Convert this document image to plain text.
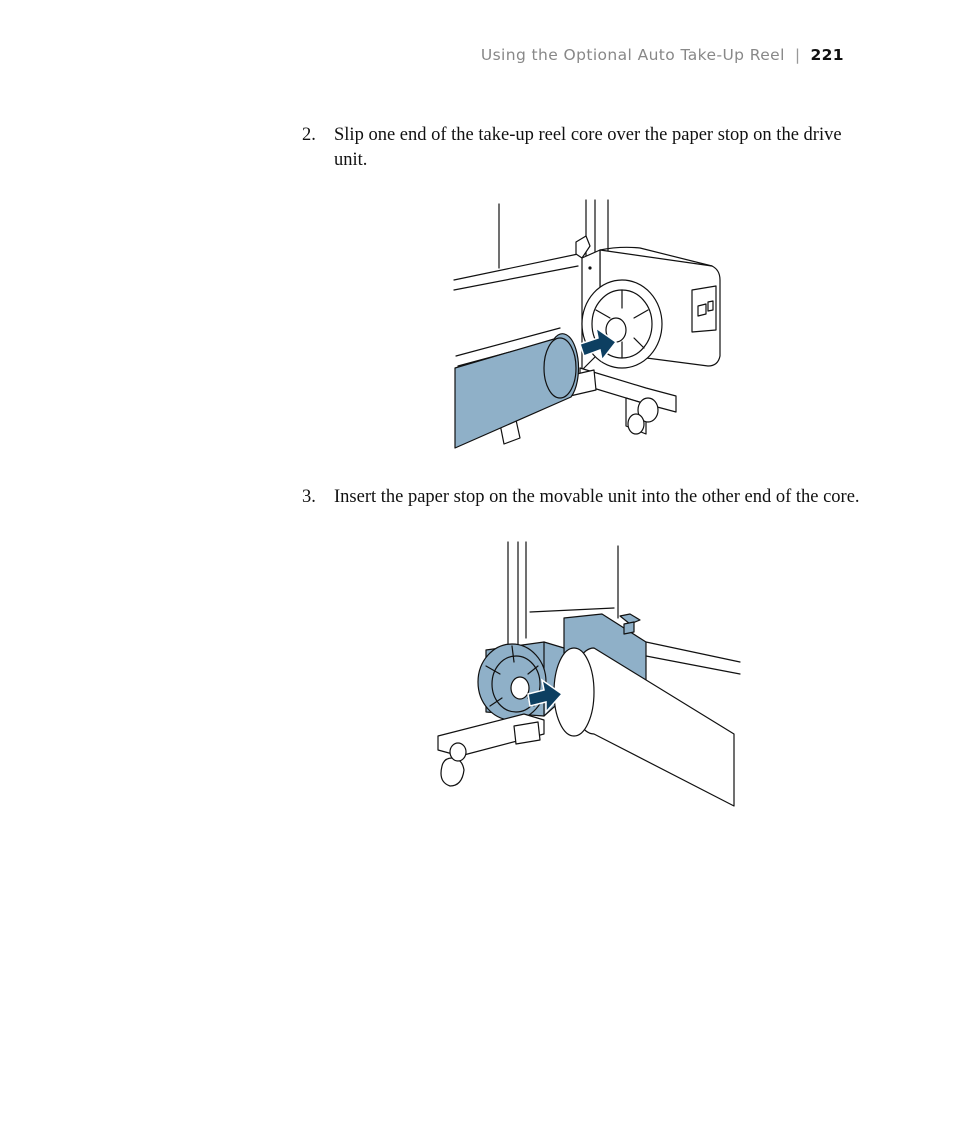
Using the Optional Auto Take-Up Reel | 221
2. Slip one end of the take-up reel core over the paper stop on the drive unit.
3. Insert the paper stop on the movable unit into the other end of the core.
